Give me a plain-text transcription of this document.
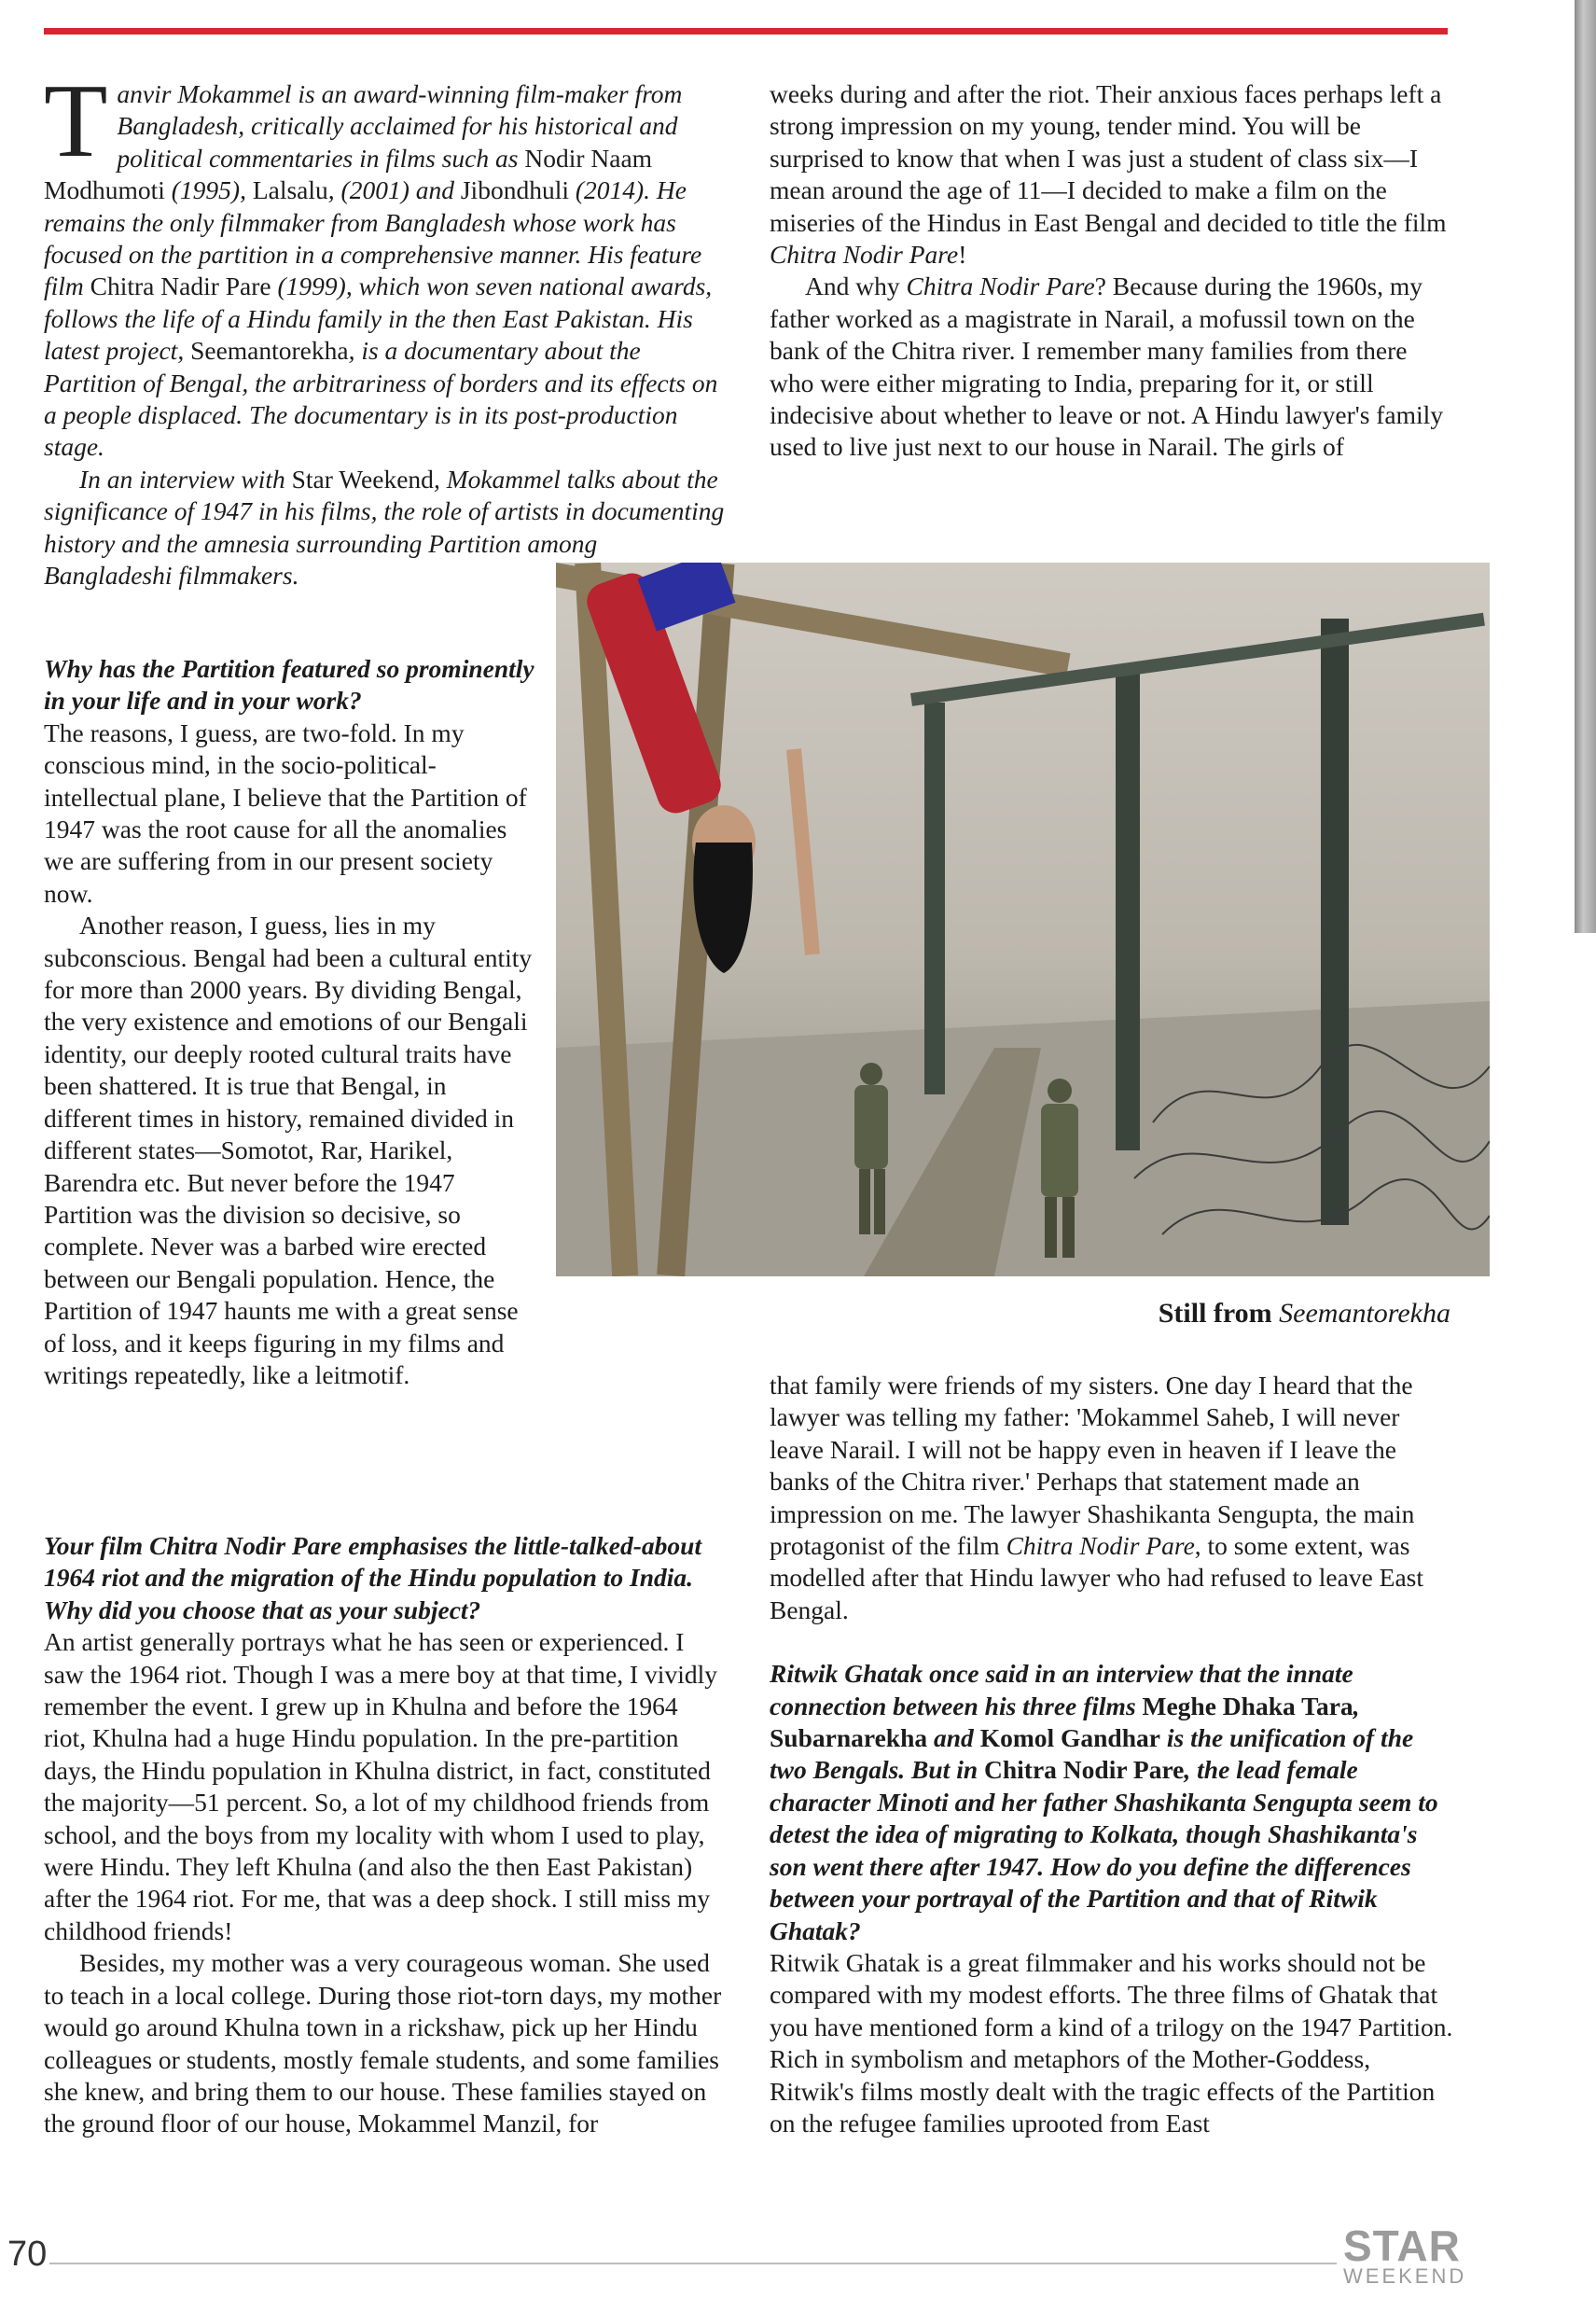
Tanvir Mokammel is an award-winning film-maker from Bangladesh, critically acclaimed for his historical and political commentaries in films such as Nodir Naam Modhumoti (1995), Lalsalu, (2001) and Jibondhuli (2014). He remains the only filmmaker from Bangladesh whose work has focused on the partition in a comprehensive manner. His feature film Chitra Nadir Pare (1999), which won seven national awards, follows the life of a Hindu family in the then East Pakistan. His latest project, Seemantorekha, is a documentary about the Partition of Bengal, the arbitrariness of borders and its effects on a people displaced. The documentary is in its post-production stage.

In an interview with Star Weekend, Mokammel talks about the significance of 1947 in his films, the role of artists in documenting history and the amnesia surrounding Partition among Bangladeshi filmmakers.

Why has the Partition featured so prominently in your life and in your work?

The reasons, I guess, are two-fold. In my conscious mind, in the socio-political-intellectual plane, I believe that the Partition of 1947 was the root cause for all the anomalies we are suffering from in our present society now.

Another reason, I guess, lies in my subconscious. Bengal had been a cultural entity for more than 2000 years. By dividing Bengal, the very existence and emotions of our Bengali identity, our deeply rooted cultural traits have been shattered. It is true that Bengal, in different times in history, remained divided in different states—Somotot, Rar, Harikel, Barendra etc. But never before the 1947 Partition was the division so decisive, so complete. Never was a barbed wire erected between our Bengali population. Hence, the Partition of 1947 haunts me with a great sense of loss, and it keeps figuring in my films and writings repeatedly, like a leitmotif.

Your film Chitra Nodir Pare emphasises the little-talked-about 1964 riot and the migration of the Hindu population to India. Why did you choose that as your subject?

An artist generally portrays what he has seen or experienced. I saw the 1964 riot. Though I was a mere boy at that time, I vividly remember the event. I grew up in Khulna and before the 1964 riot, Khulna had a huge Hindu population. In the pre-partition days, the Hindu population in Khulna district, in fact, constituted the majority—51 percent. So, a lot of my childhood friends from school, and the boys from my locality with whom I used to play, were Hindu. They left Khulna (and also the then East Pakistan) after the 1964 riot. For me, that was a deep shock. I still miss my childhood friends!

Besides, my mother was a very courageous woman. She used to teach in a local college. During those riot-torn days, my mother would go around Khulna town in a rickshaw, pick up her Hindu colleagues or students, mostly female students, and some families she knew, and bring them to our house. These families stayed on the ground floor of our house, Mokammel Manzil, for

weeks during and after the riot. Their anxious faces perhaps left a strong impression on my young, tender mind. You will be surprised to know that when I was just a student of class six—I mean around the age of 11—I decided to make a film on the miseries of the Hindus in East Bengal and decided to title the film Chitra Nodir Pare!

And why Chitra Nodir Pare? Because during the 1960s, my father worked as a magistrate in Narail, a mofussil town on the bank of the Chitra river. I remember many families from there who were either migrating to India, preparing for it, or still indecisive about whether to leave or not. A Hindu lawyer's family used to live just next to our house in Narail. The girls of

Still from Seemantorekha

that family were friends of my sisters. One day I heard that the lawyer was telling my father: 'Mokammel Saheb, I will never leave Narail. I will not be happy even in heaven if I leave the banks of the Chitra river.' Perhaps that statement made an impression on me. The lawyer Shashikanta Sengupta, the main protagonist of the film Chitra Nodir Pare, to some extent, was modelled after that Hindu lawyer who had refused to leave East Bengal.

Ritwik Ghatak once said in an interview that the innate connection between his three films Meghe Dhaka Tara, Subarnarekha and Komol Gandhar is the unification of the two Bengals. But in Chitra Nodir Pare, the lead female character Minoti and her father Shashikanta Sengupta seem to detest the idea of migrating to Kolkata, though Shashikanta's son went there after 1947. How do you define the differences between your portrayal of the Partition and that of Ritwik Ghatak?

Ritwik Ghatak is a great filmmaker and his works should not be compared with my modest efforts. The three films of Ghatak that you have mentioned form a kind of a trilogy on the 1947 Partition. Rich in symbolism and metaphors of the Mother-Goddess, Ritwik's films mostly dealt with the tragic effects of the Partition on the refugee families uprooted from East

70	STAR
WEEKEND
